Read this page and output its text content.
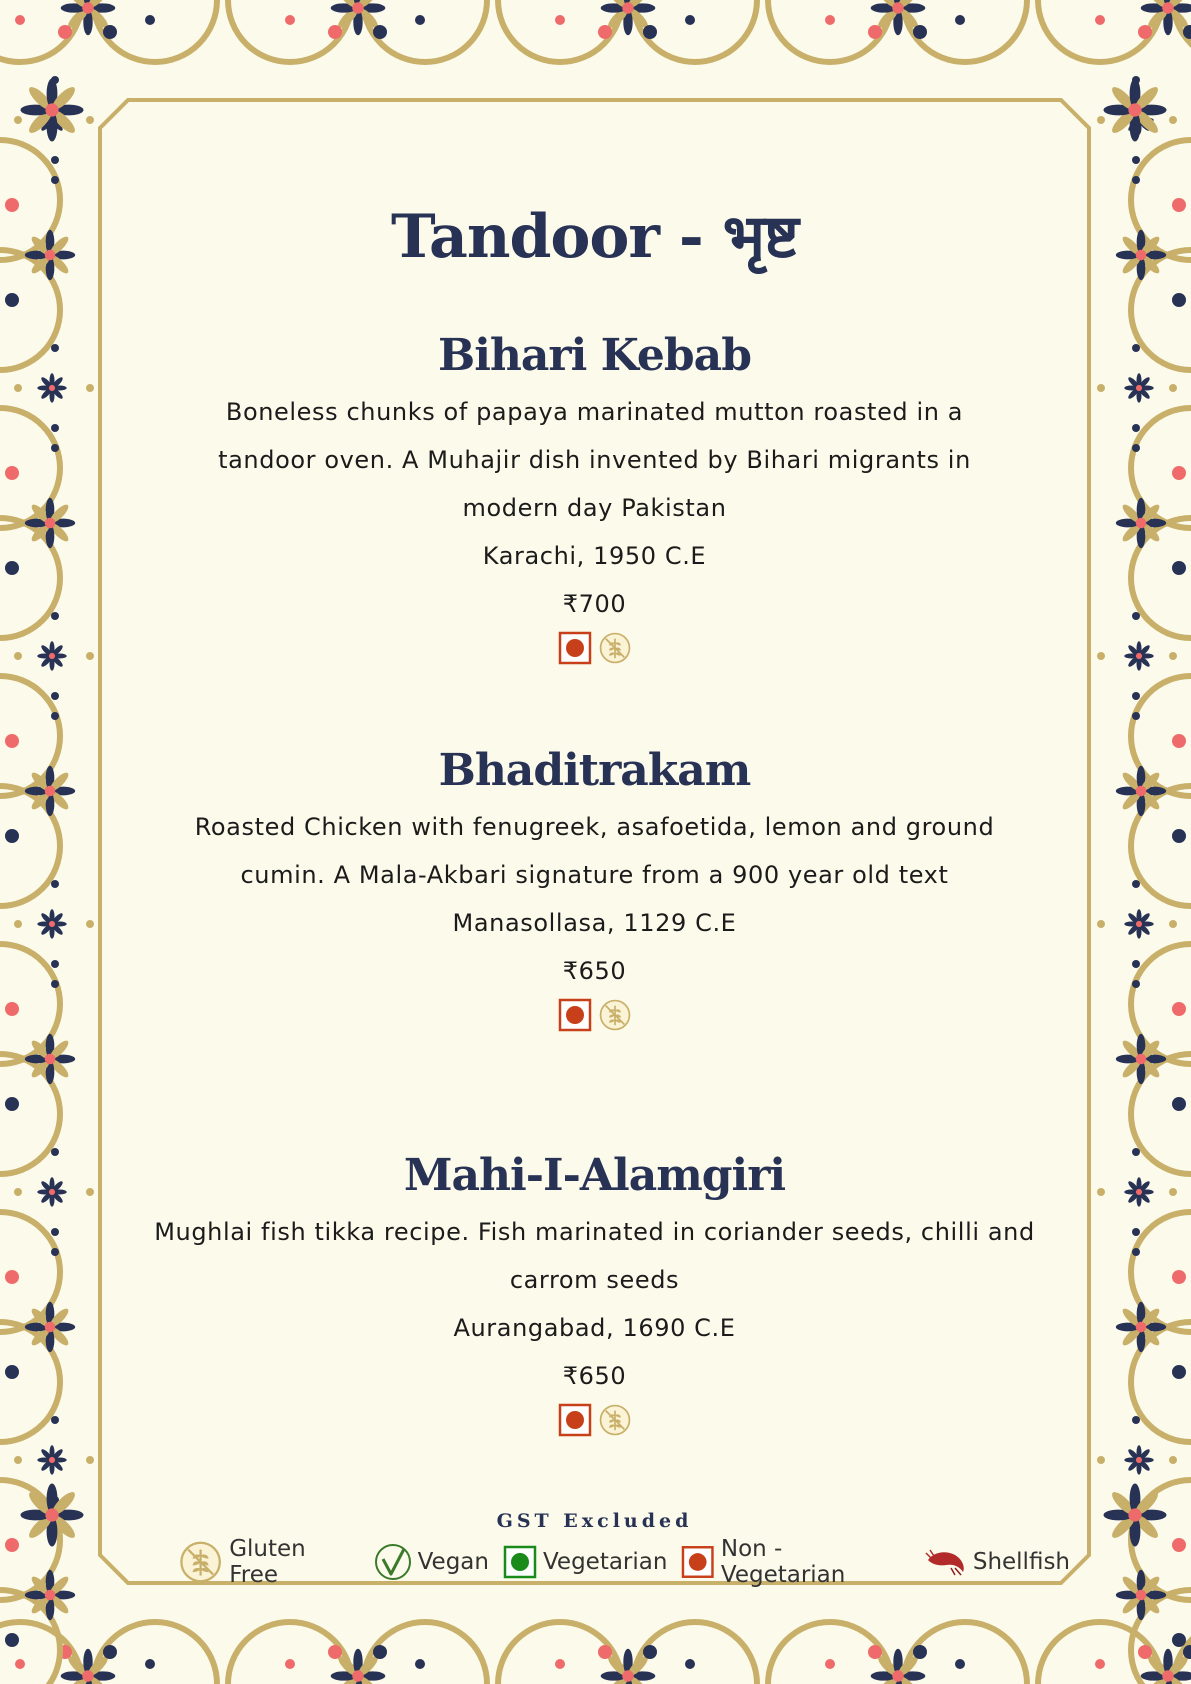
Tandoor - भृष्ट
Bihari Kebab
Boneless chunks of papaya marinated mutton roasted in a tandoor oven. A Muhajir dish invented by Bihari migrants in modern day Pakistan
Karachi, 1950 C.E
₹700
Bhaditrakam
Roasted Chicken with fenugreek, asafoetida, lemon and ground cumin. A Mala-Akbari signature from a 900 year old text
Manasollasa, 1129 C.E
₹650
Mahi-I-Alamgiri
Mughlai fish tikka recipe. Fish marinated in coriander seeds, chilli and carrom seeds
Aurangabad, 1690 C.E
₹650
GST Excluded
Gluten Free	Vegan Vegetarian Non - Vegetarian	Shellfish
